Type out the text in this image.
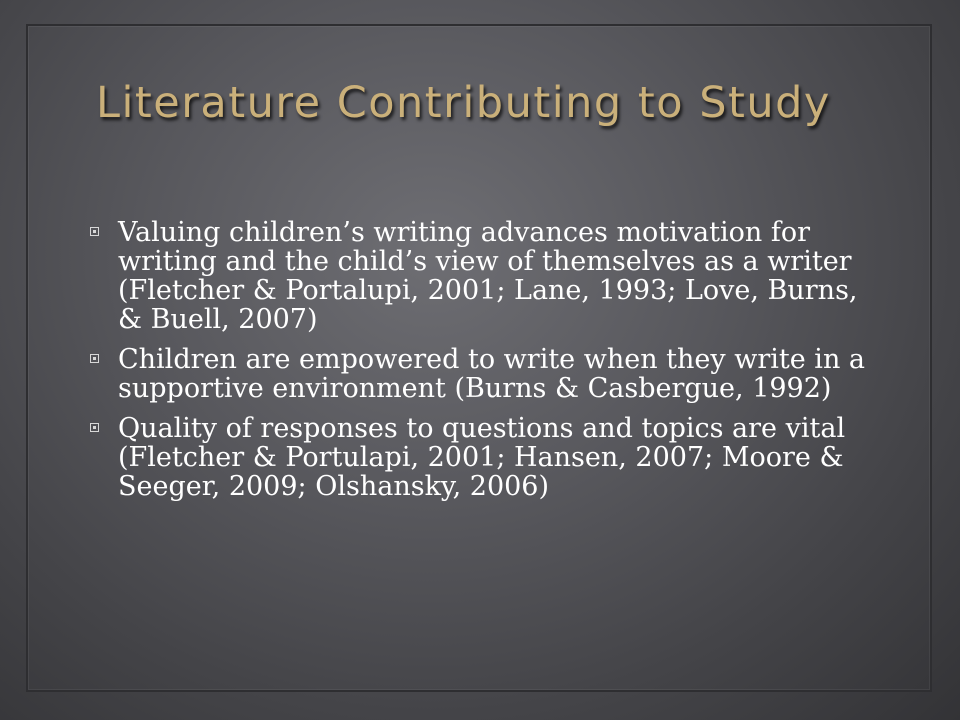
Literature Contributing to Study
Valuing children’s writing advances motivation for writing and the child’s view of themselves as a writer (Fletcher & Portalupi, 2001; Lane, 1993; Love, Burns, & Buell, 2007)
Children are empowered to write when they write in a supportive environment (Burns & Casbergue, 1992)
Quality of responses to questions and topics are vital (Fletcher & Portulapi, 2001; Hansen, 2007; Moore & Seeger, 2009; Olshansky, 2006)
